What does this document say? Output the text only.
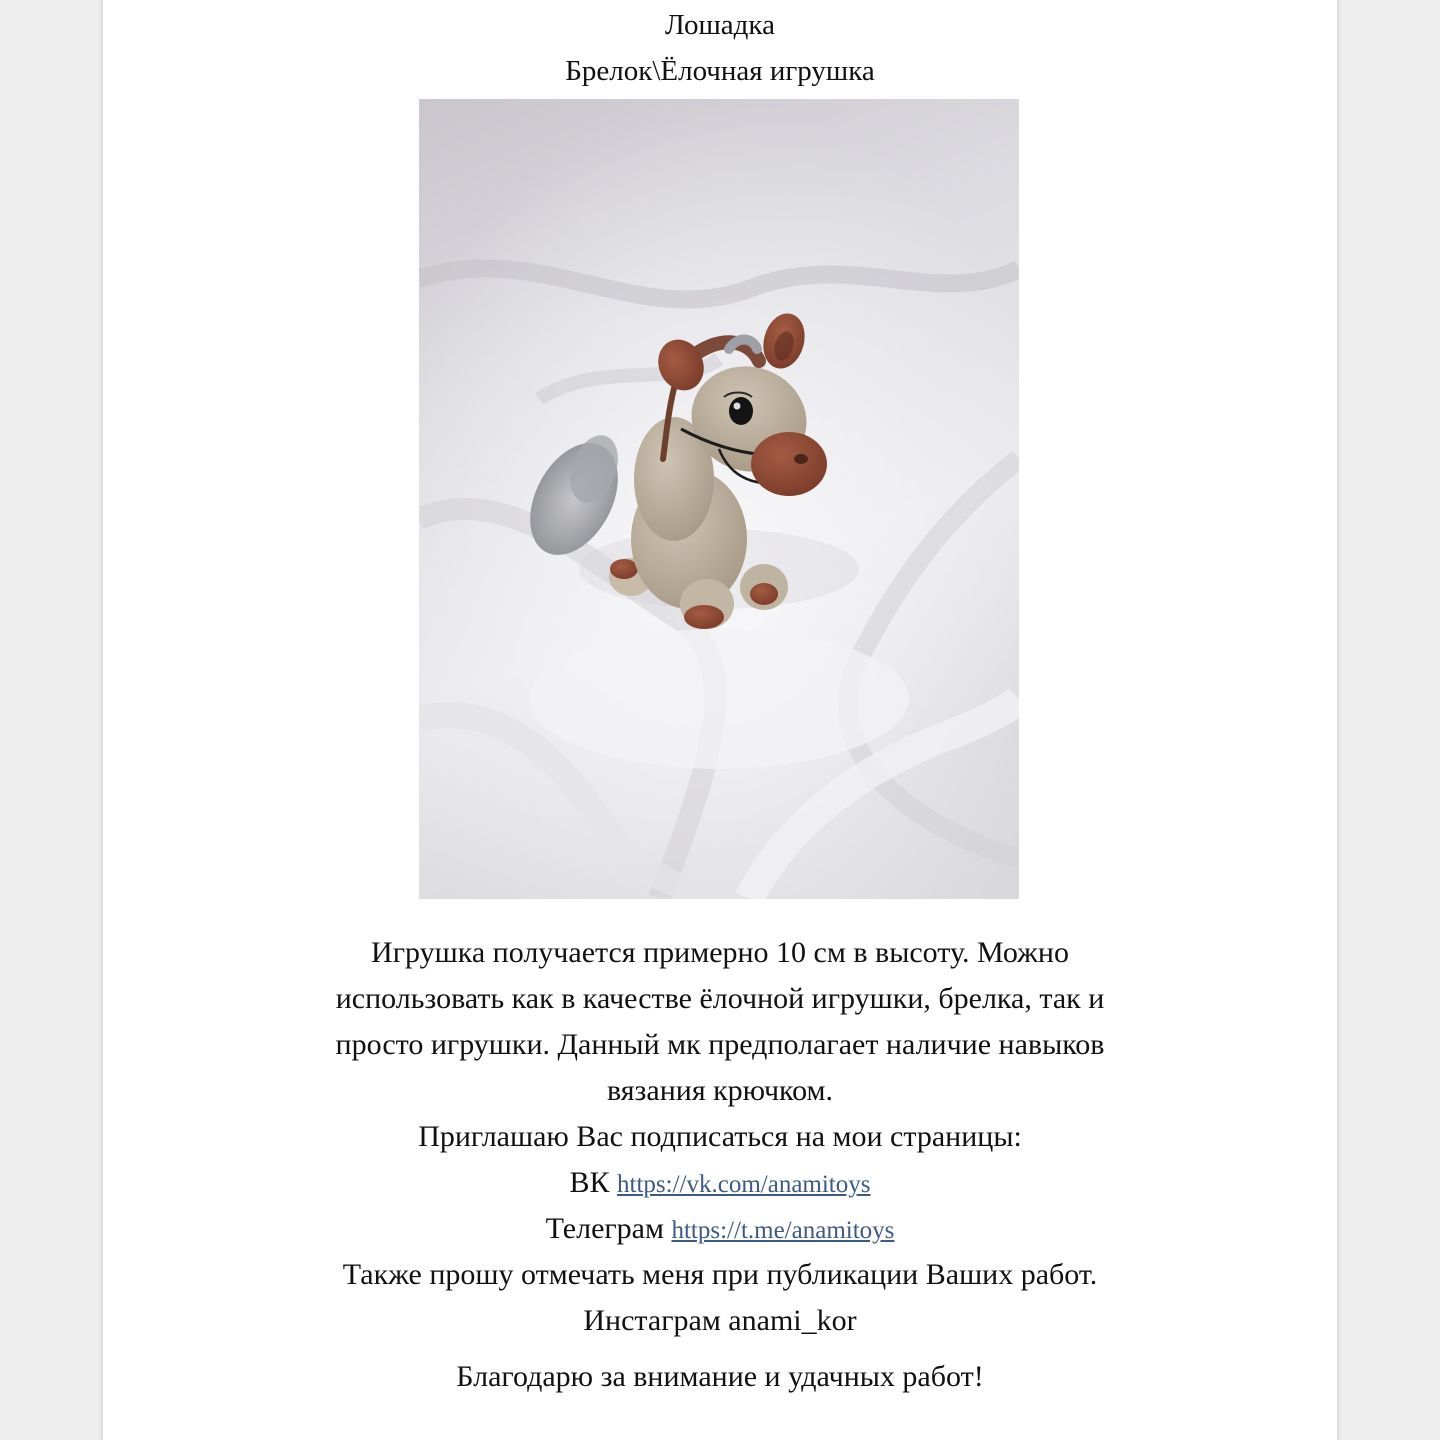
Лошадка
Брелок\Ёлочная игрушка
Игрушка получается примерно 10 см в высоту. Можно
использовать как в качестве ёлочной игрушки, брелка, так и
просто игрушки. Данный мк предполагает наличие навыков
вязания крючком.
Приглашаю Вас подписаться на мои страницы:
ВК https://vk.com/anamitoys
Телеграм https://t.me/anamitoys
Также прошу отмечать меня при публикации Ваших работ.
Инстаграм anami_kor
Благодарю за внимание и удачных работ!
